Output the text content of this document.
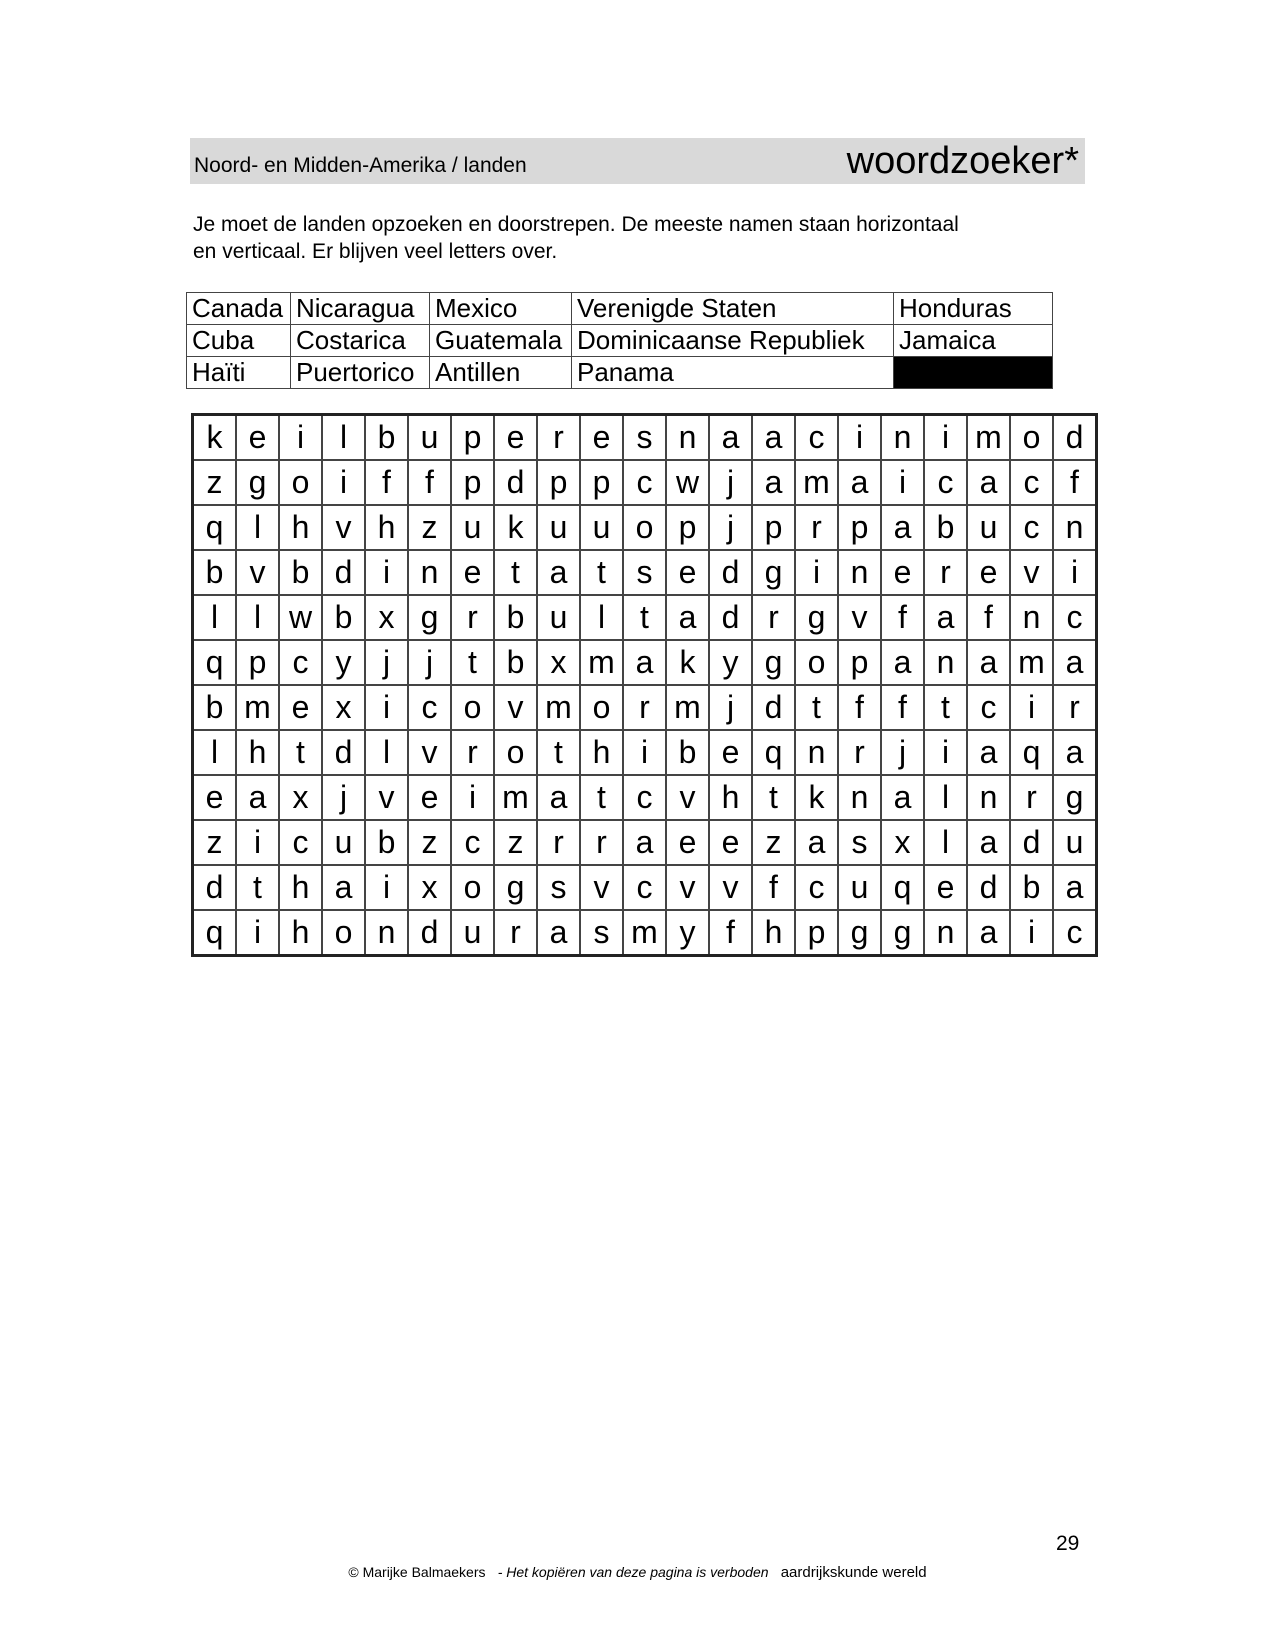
Noord- en Midden-Amerika / landen	woordzoeker*
Je moet de landen opzoeken en doorstrepen. De meeste namen staan horizontaal
en verticaal. Er blijven veel letters over.
Canada	Nicaragua	Mexico	Verenigde Staten	Honduras
Cuba	Costarica	Guatemala	Dominicaanse Republiek	Jamaica
Haïti	Puertorico	Antillen	Panama	
k	e	i	l	b	u	p	e	r	e	s	n	a	a	c	i	n	i	m	o	d
z	g	o	i	f	f	p	d	p	p	c	w	j	a	m	a	i	c	a	c	f
q	l	h	v	h	z	u	k	u	u	o	p	j	p	r	p	a	b	u	c	n
b	v	b	d	i	n	e	t	a	t	s	e	d	g	i	n	e	r	e	v	i
l	l	w	b	x	g	r	b	u	l	t	a	d	r	g	v	f	a	f	n	c
q	p	c	y	j	j	t	b	x	m	a	k	y	g	o	p	a	n	a	m	a
b	m	e	x	i	c	o	v	m	o	r	m	j	d	t	f	f	t	c	i	r
l	h	t	d	l	v	r	o	t	h	i	b	e	q	n	r	j	i	a	q	a
e	a	x	j	v	e	i	m	a	t	c	v	h	t	k	n	a	l	n	r	g
z	i	c	u	b	z	c	z	r	r	a	e	e	z	a	s	x	l	a	d	u
d	t	h	a	i	x	o	g	s	v	c	v	v	f	c	u	q	e	d	b	a
q	i	h	o	n	d	u	r	a	s	m	y	f	h	p	g	g	n	a	i	c
29
© Marijke Balmaekers - Het kopiëren van deze pagina is verboden aardrijkskunde wereld
